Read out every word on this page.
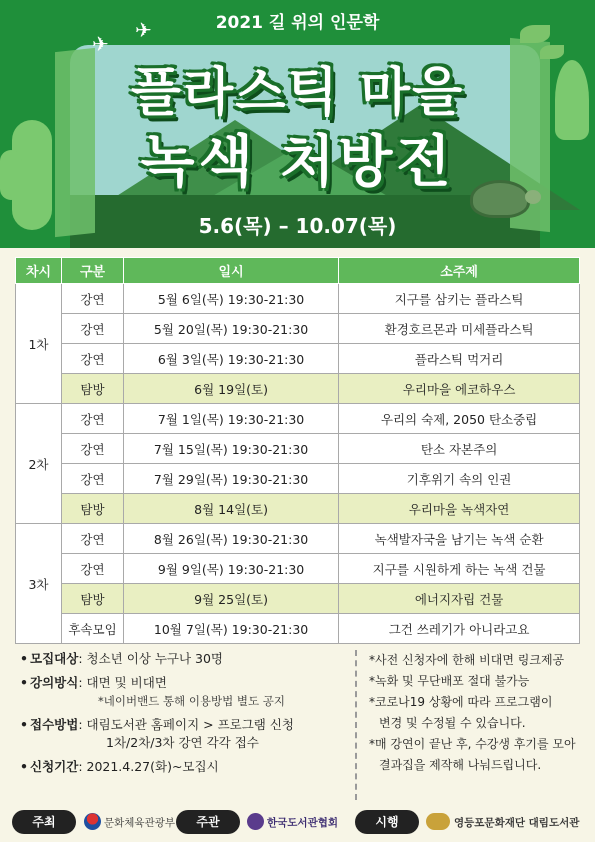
✈
✈	2021 길 위의 인문학
플라스틱 마을
녹색 처방전
5.6(목) – 10.07(목)
차시	구분	일시	소주제
1차	강연	5월 6일(목) 19:30-21:30	지구를 삼키는 플라스틱
	강연	5월 20일(목) 19:30-21:30	환경호르몬과 미세플라스틱
	강연	6월 3일(목) 19:30-21:30	플라스틱 먹거리
	탐방	6월 19일(토)	우리마을 에코하우스
2차	강연	7월 1일(목) 19:30-21:30	우리의 숙제, 2050 탄소중립
	강연	7월 15일(목) 19:30-21:30	탄소 자본주의
	강연	7월 29일(목) 19:30-21:30	기후위기 속의 인권
	탐방	8월 14일(토)	우리마을 녹색자연
3차	강연	8월 26일(목) 19:30-21:30	녹색발자국을 남기는 녹색 순환
	강연	9월 9일(목) 19:30-21:30	지구를 시원하게 하는 녹색 건물
	탐방	9월 25일(토)	에너지자립 건물
	후속모임	10월 7일(목) 19:30-21:30	그건 쓰레기가 아니라고요
• 모집대상 : 청소년 이상 누구나 30명
• 강의방식 : 대면 및 비대면
*네이버밴드 통해 이용방법 별도 공지
• 접수방법 : 대림도서관 홈페이지 > 프로그램 신청
1차/2차/3차 강연 각각 접수
• 신청기간 : 2021.4.27(화)~모집시
*사전 신청자에 한해 비대면 링크제공
*녹화 및 무단배포 절대 불가능
*코로나19 상황에 따라 프로그램이
변경 및 수정될 수 있습니다.
*매 강연이 끝난 후, 수강생 후기를 모아
결과집을 제작해 나눠드립니다.
주최	문화체육관광부	주관	한국도서관협회	시행	영등포문화재단 대림도서관
